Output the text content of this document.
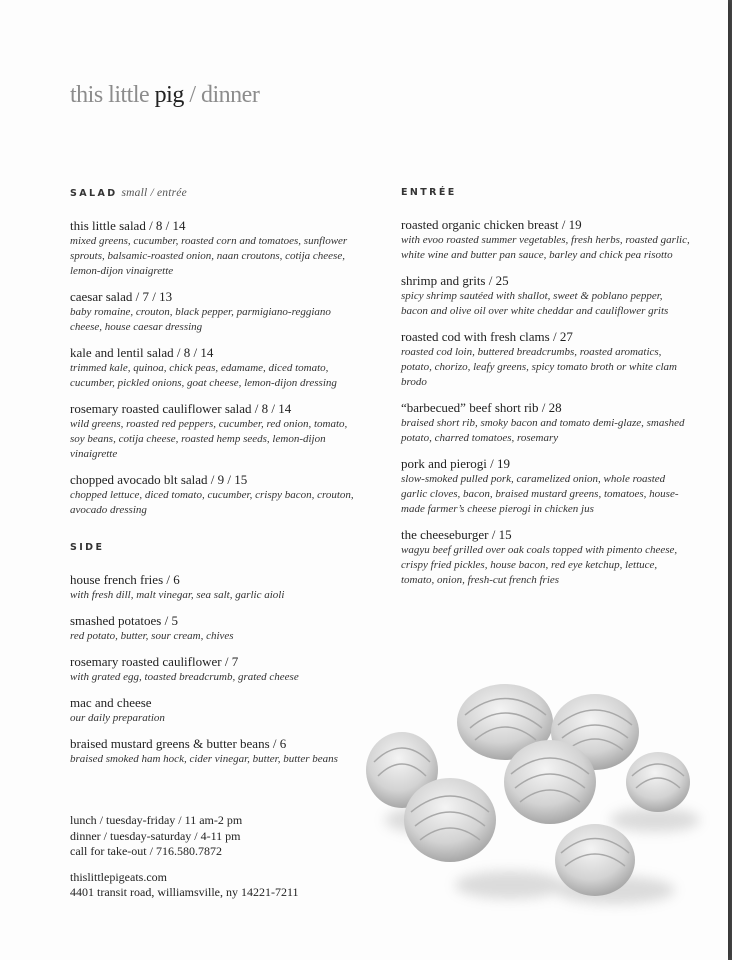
this little pig / dinner
SALAD small / entrée
this little salad / 8 / 14
mixed greens, cucumber, roasted corn and tomatoes, sunflower sprouts, balsamic-roasted onion, naan croutons, cotija cheese, lemon-dijon vinaigrette
caesar salad / 7 / 13
baby romaine, crouton, black pepper, parmigiano-reggiano cheese, house caesar dressing
kale and lentil salad / 8 / 14
trimmed kale, quinoa, chick peas, edamame, diced tomato, cucumber, pickled onions, goat cheese, lemon-dijon dressing
rosemary roasted cauliflower salad / 8 / 14
wild greens, roasted red peppers, cucumber, red onion, tomato, soy beans, cotija cheese, roasted hemp seeds, lemon-dijon vinaigrette
chopped avocado blt salad / 9 / 15
chopped lettuce, diced tomato, cucumber, crispy bacon, crouton, avocado dressing
SIDE
house french fries / 6
with fresh dill, malt vinegar, sea salt, garlic aioli
smashed potatoes / 5
red potato, butter, sour cream, chives
rosemary roasted cauliflower / 7
with grated egg, toasted breadcrumb, grated cheese
mac and cheese
our daily preparation
braised mustard greens & butter beans / 6
braised smoked ham hock, cider vinegar, butter, butter beans
ENTRÉE
roasted organic chicken breast / 19
with evoo roasted summer vegetables, fresh herbs, roasted garlic, white wine and butter pan sauce, barley and chick pea risotto
shrimp and grits / 25
spicy shrimp sautéed with shallot, sweet & poblano pepper, bacon and olive oil over white cheddar and cauliflower grits
roasted cod with fresh clams / 27
roasted cod loin, buttered breadcrumbs, roasted aromatics, potato, chorizo, leafy greens, spicy tomato broth or white clam brodo
“barbecued” beef short rib / 28
braised short rib, smoky bacon and tomato demi-glaze, smashed potato, charred tomatoes, rosemary
pork and pierogi / 19
slow-smoked pulled pork, caramelized onion, whole roasted garlic cloves, bacon, braised mustard greens, tomatoes, house-made farmer’s cheese pierogi in chicken jus
the cheeseburger / 15
wagyu beef grilled over oak coals topped with pimento cheese, crispy fried pickles, house bacon, red eye ketchup, lettuce, tomato, onion, fresh-cut french fries
lunch / tuesday-friday / 11 am-2 pm
dinner / tuesday-saturday / 4-11 pm
call for take-out / 716.580.7872
thislittlepigeats.com
4401 transit road, williamsville, ny 14221-7211
